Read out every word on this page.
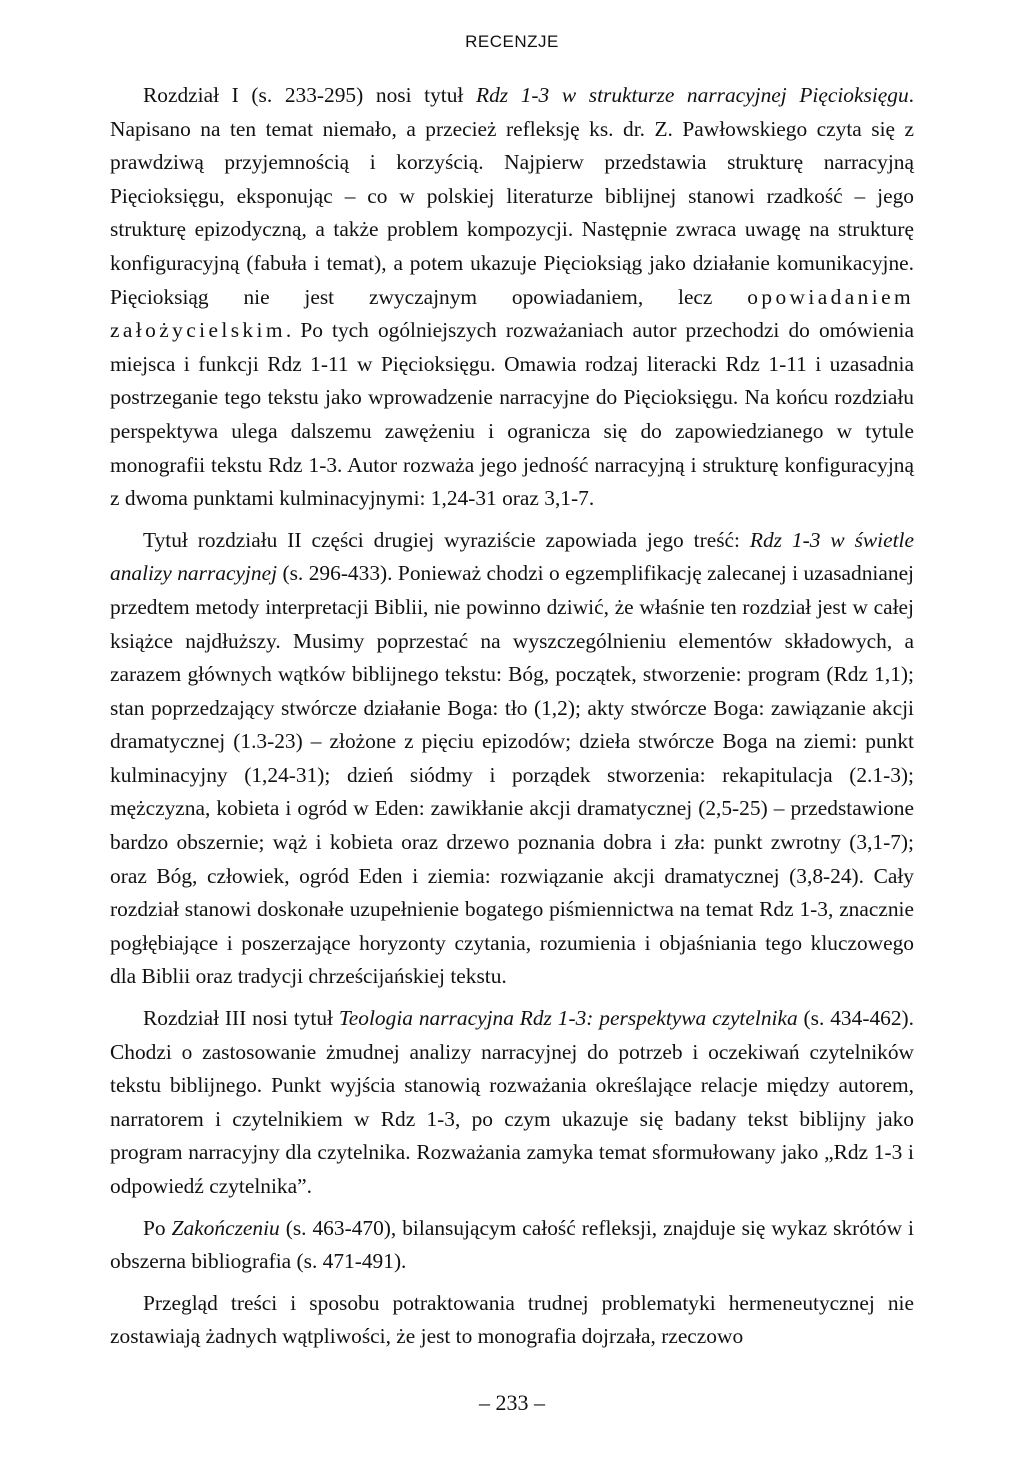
RECENZJE

Rozdział I (s. 233-295) nosi tytuł Rdz 1-3 w strukturze narracyjnej Pięcioksięgu. Napisano na ten temat niemało, a przecież refleksję ks. dr. Z. Pawłowskiego czyta się z prawdziwą przyjemnością i korzyścią. Najpierw przedstawia strukturę narracyjną Pięcioksięgu, eksponując – co w polskiej literaturze biblijnej stanowi rzadkość – jego strukturę epizodyczną, a także problem kompozycji. Następnie zwraca uwagę na strukturę konfiguracyjną (fabuła i temat), a potem ukazuje Pięcioksiąg jako działanie komunikacyjne. Pięcioksiąg nie jest zwyczajnym opowiadaniem, lecz opowiadaniem założycielskim. Po tych ogólniejszych rozważaniach autor przechodzi do omówienia miejsca i funkcji Rdz 1-11 w Pięcioksięgu. Omawia rodzaj literacki Rdz 1-11 i uzasadnia postrzeganie tego tekstu jako wprowadzenie narracyjne do Pięcioksięgu. Na końcu rozdziału perspektywa ulega dalszemu zawężeniu i ogranicza się do zapowiedzianego w tytule monografii tekstu Rdz 1-3. Autor rozważa jego jedność narracyjną i strukturę konfiguracyjną z dwoma punktami kulminacyjnymi: 1,24-31 oraz 3,1-7.

Tytuł rozdziału II części drugiej wyraziście zapowiada jego treść: Rdz 1-3 w świetle analizy narracyjnej (s. 296-433). Ponieważ chodzi o egzemplifikację zalecanej i uzasadnianej przedtem metody interpretacji Biblii, nie powinno dziwić, że właśnie ten rozdział jest w całej książce najdłuższy. Musimy poprzestać na wyszczególnieniu elementów składowych, a zarazem głównych wątków biblijnego tekstu: Bóg, początek, stworzenie: program (Rdz 1,1); stan poprzedzający stwórcze działanie Boga: tło (1,2); akty stwórcze Boga: zawiązanie akcji dramatycznej (1.3-23) – złożone z pięciu epizodów; dzieła stwórcze Boga na ziemi: punkt kulminacyjny (1,24-31); dzień siódmy i porządek stworzenia: rekapitulacja (2.1-3); mężczyzna, kobieta i ogród w Eden: zawikłanie akcji dramatycznej (2,5-25) – przedstawione bardzo obszernie; wąż i kobieta oraz drzewo poznania dobra i zła: punkt zwrotny (3,1-7); oraz Bóg, człowiek, ogród Eden i ziemia: rozwiązanie akcji dramatycznej (3,8-24). Cały rozdział stanowi doskonałe uzupełnienie bogatego piśmiennictwa na temat Rdz 1-3, znacznie pogłębiające i poszerzające horyzonty czytania, rozumienia i objaśniania tego kluczowego dla Biblii oraz tradycji chrześcijańskiej tekstu.

Rozdział III nosi tytuł Teologia narracyjna Rdz 1-3: perspektywa czytelnika (s. 434-462). Chodzi o zastosowanie żmudnej analizy narracyjnej do potrzeb i oczekiwań czytelników tekstu biblijnego. Punkt wyjścia stanowią rozważania określające relacje między autorem, narratorem i czytelnikiem w Rdz 1-3, po czym ukazuje się badany tekst biblijny jako program narracyjny dla czytelnika. Rozważania zamyka temat sformułowany jako „Rdz 1-3 i odpowiedź czytelnika”.

Po Zakończeniu (s. 463-470), bilansującym całość refleksji, znajduje się wykaz skrótów i obszerna bibliografia (s. 471-491).

Przegląd treści i sposobu potraktowania trudnej problematyki hermeneutycznej nie zostawiają żadnych wątpliwości, że jest to monografia dojrzała, rzeczowo

– 233 –
